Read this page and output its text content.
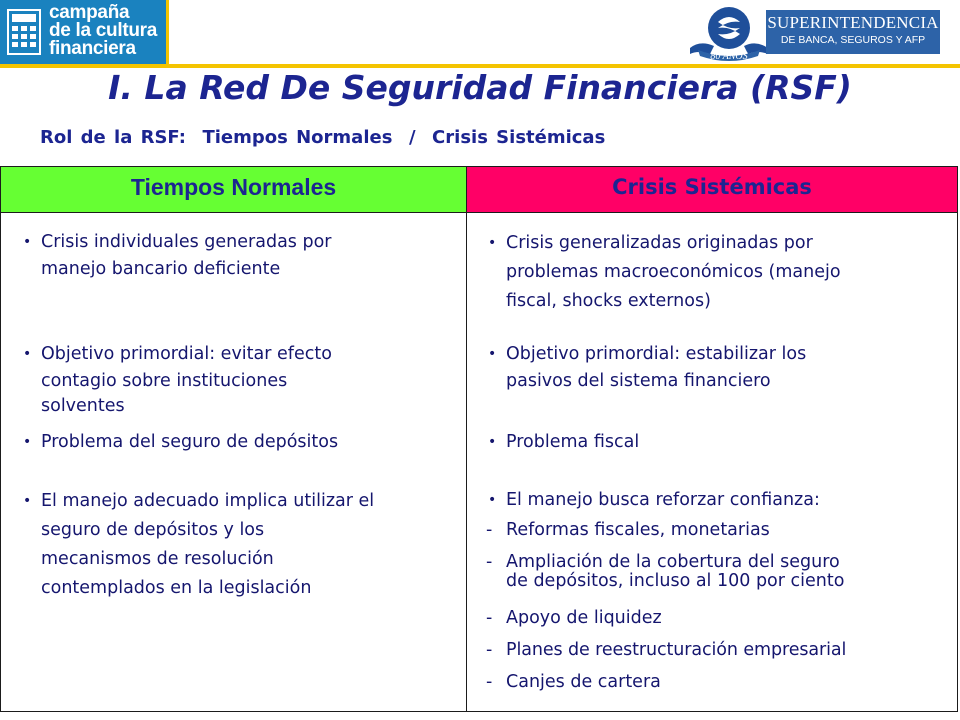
campaña
de la cultura
financiera	80 AÑOS
SUPERINTENDENCIA
DE BANCA, SEGUROS Y AFP
I. La Red De Seguridad Financiera (RSF)
Rol de la RSF:  Tiempos Normales  /  Crisis Sistémicas
Tiempos Normales	Crisis Sistémicas
• Crisis individuales generadas por
manejo bancario deficiente
• Objetivo primordial: evitar efecto
contagio sobre instituciones
solventes
• Problema del seguro de depósitos
• El manejo adecuado implica utilizar el
seguro de depósitos y los
mecanismos de resolución
contemplados en la legislación
• Crisis generalizadas originadas por
problemas macroeconómicos (manejo
fiscal, shocks externos)
• Objetivo primordial: estabilizar los
pasivos del sistema financiero
• Problema fiscal
• El manejo busca reforzar confianza:
- Reformas fiscales, monetarias
- Ampliación de la cobertura del seguro
de depósitos, incluso al 100 por ciento
- Apoyo de liquidez
- Planes de reestructuración empresarial
- Canjes de cartera
